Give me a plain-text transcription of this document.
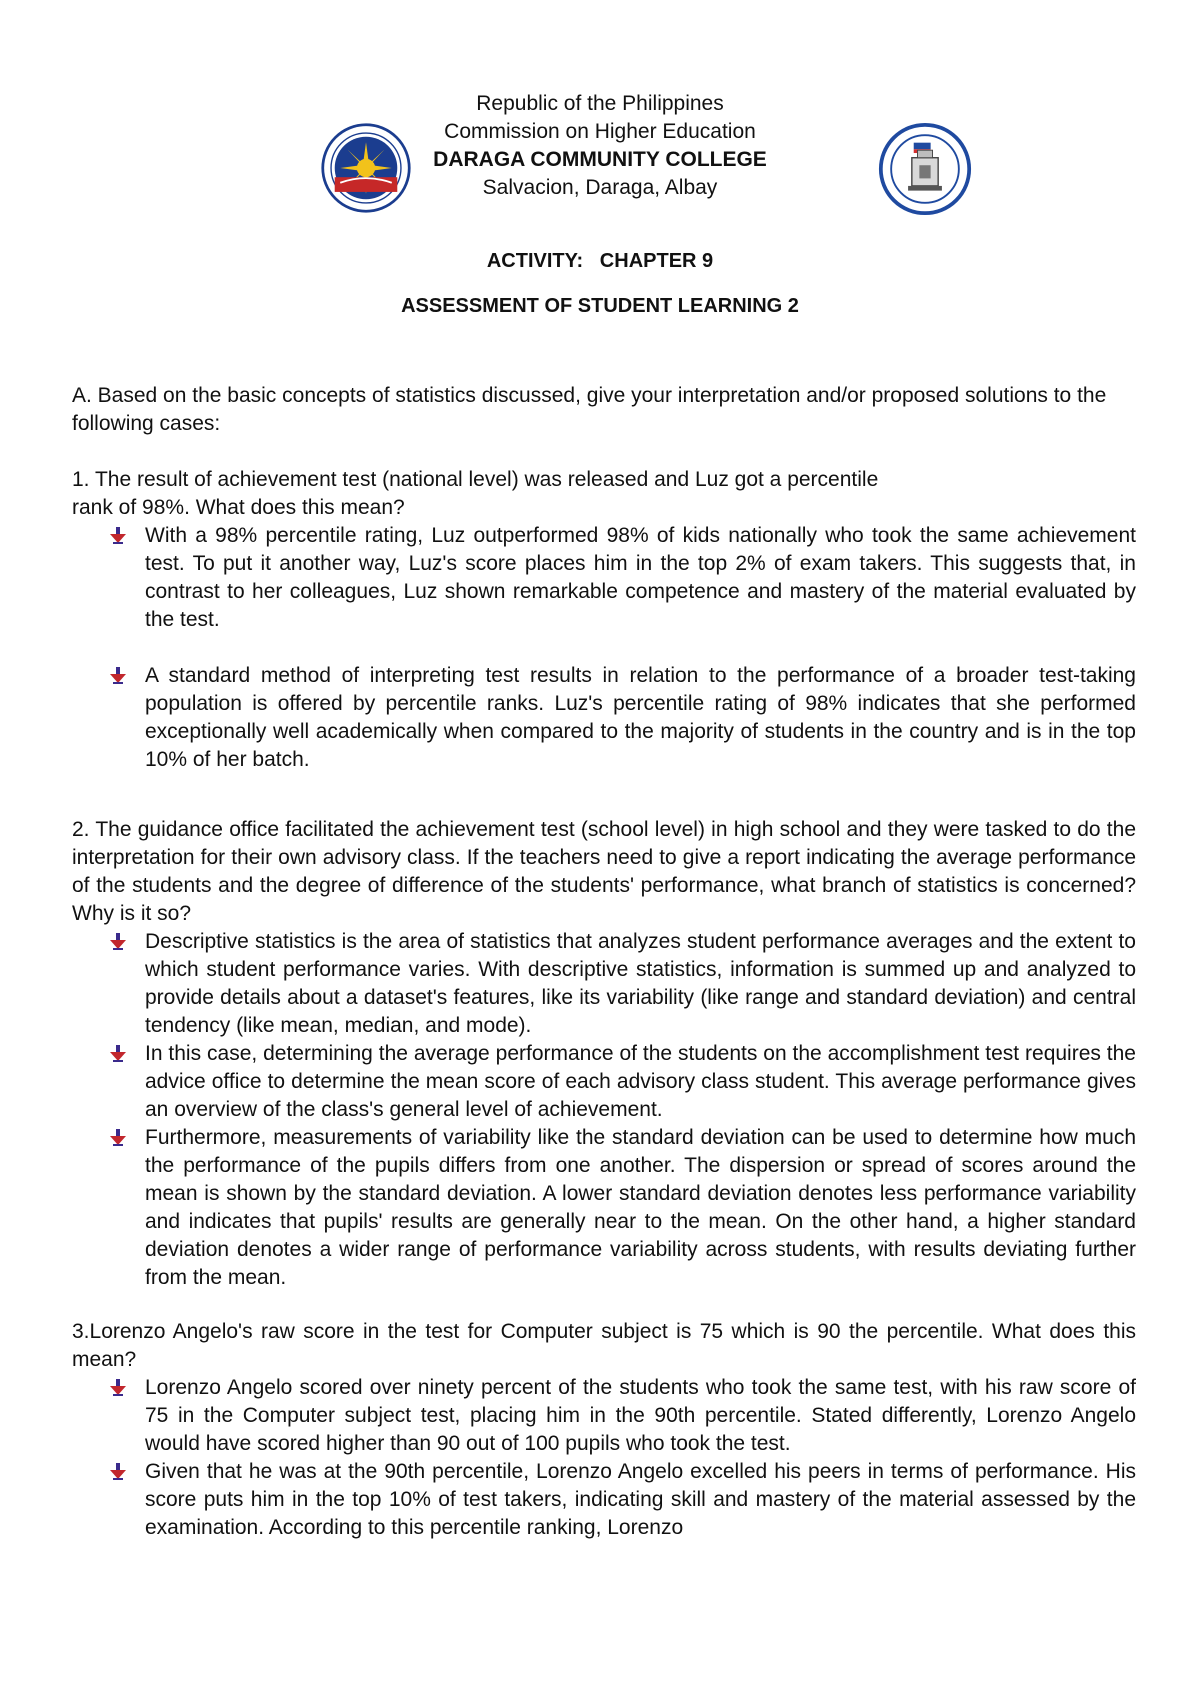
Republic of the Philippines
Commission on Higher Education
DARAGA COMMUNITY COLLEGE
Salvacion, Daraga, Albay
ACTIVITY:   CHAPTER 9
ASSESSMENT OF STUDENT LEARNING 2

A. Based on the basic concepts of statistics discussed, give your interpretation and/or proposed solutions to the following cases:

1. The result of achievement test (national level) was released and Luz got a percentile

rank of 98%. What does this mean?

With a 98% percentile rating, Luz outperformed 98% of kids nationally who took the same achievement test. To put it another way, Luz's score places him in the top 2% of exam takers. This suggests that, in contrast to her colleagues, Luz shown remarkable competence and mastery of the material evaluated by the test.
A standard method of interpreting test results in relation to the performance of a broader test-taking population is offered by percentile ranks. Luz's percentile rating of 98% indicates that she performed exceptionally well academically when compared to the majority of students in the country and is in the top 10% of her batch.

2. The guidance office facilitated the achievement test (school level) in high school and they were tasked to do the interpretation for their own advisory class. If the teachers need to give a report indicating the average performance of the students and the degree of difference of the students' performance, what branch of statistics is concerned? Why is it so?

Descriptive statistics is the area of statistics that analyzes student performance averages and the extent to which student performance varies. With descriptive statistics, information is summed up and analyzed to provide details about a dataset's features, like its variability (like range and standard deviation) and central tendency (like mean, median, and mode).
In this case, determining the average performance of the students on the accomplishment test requires the advice office to determine the mean score of each advisory class student. This average performance gives an overview of the class's general level of achievement.
Furthermore, measurements of variability like the standard deviation can be used to determine how much the performance of the pupils differs from one another. The dispersion or spread of scores around the mean is shown by the standard deviation. A lower standard deviation denotes less performance variability and indicates that pupils' results are generally near to the mean. On the other hand, a higher standard deviation denotes a wider range of performance variability across students, with results deviating further from the mean.

3.Lorenzo Angelo's raw score in the test for Computer subject is 75 which is 90 the percentile. What does this mean?

Lorenzo Angelo scored over ninety percent of the students who took the same test, with his raw score of 75 in the Computer subject test, placing him in the 90th percentile. Stated differently, Lorenzo Angelo would have scored higher than 90 out of 100 pupils who took the test.
Given that he was at the 90th percentile, Lorenzo Angelo excelled his peers in terms of performance. His score puts him in the top 10% of test takers, indicating skill and mastery of the material assessed by the examination. According to this percentile ranking, Lorenzo
